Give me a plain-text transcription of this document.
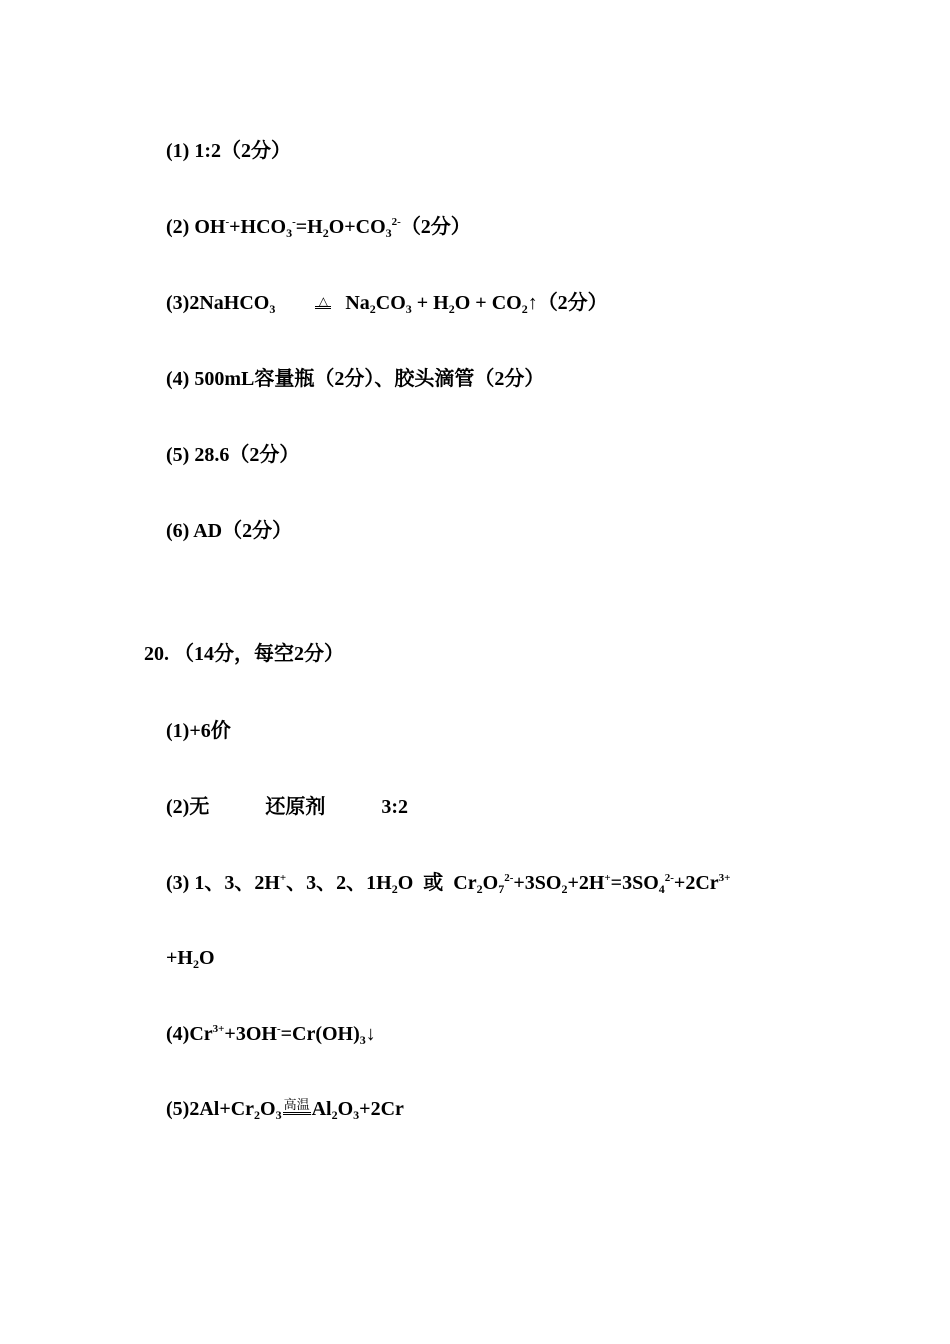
(1) 1:2（2分）
(2) $OH^-+HCO_3^-=H_2O+CO_3^{2-}(2$分）
(3)2NaHCO$_3$△ $Na_2CO_3 + H_2O$ + $CO_2↑(2$分）
(4) 500mL容量瓶（2分）、胶头滴管（2分）
(5) 28.6（2分）
(6) AD（2分）
20. （14分，每空2分）
(1)+6价
(2)无	还原剂	3:2
(3) 1、3、2H+、3、2、$1H_2O$  或  $Cr_2O_7^{2-}+3SO_2+2H^+=3SO_4^{2-}+2Cr^{3+}$
$+H_2O$
$(4)Cr^{3+}+3OH^-=Cr(OH)_3↓$
$(5)2Al+Cr_2O_3$
高温 $Al_2O_3+2Cr$
